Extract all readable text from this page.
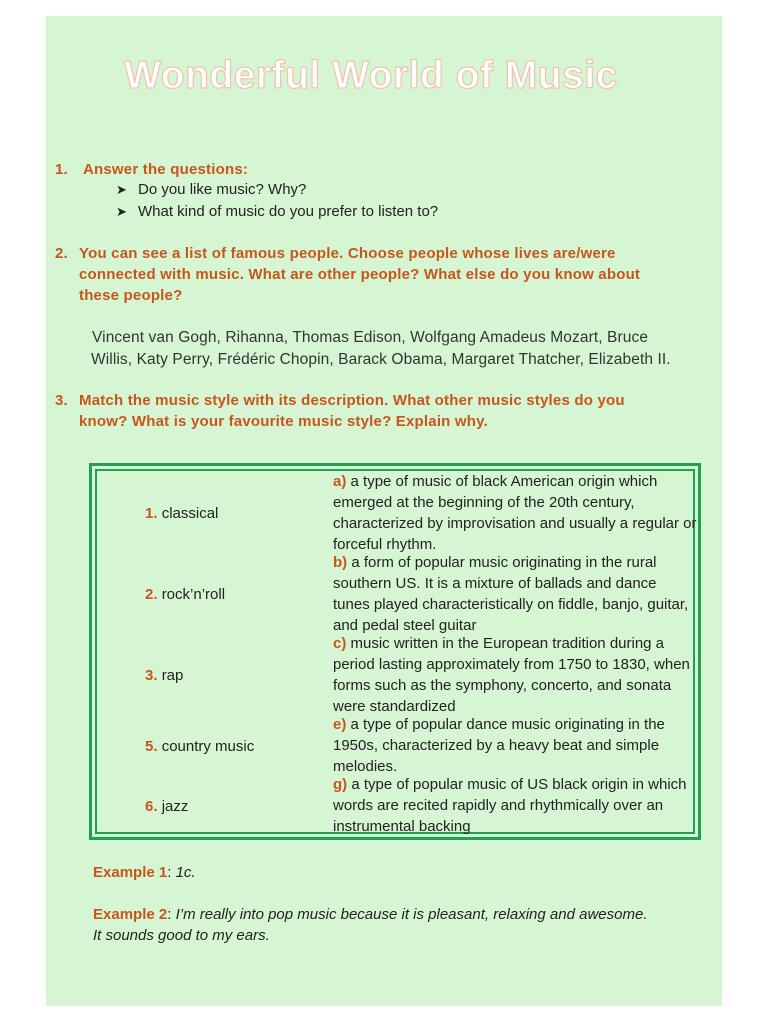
Wonderful World of Music
1. Answer the questions:
➤ Do you like music? Why?
➤ What kind of music do you prefer to listen to?
2. You can see a list of famous people. Choose people whose lives are/were
connected with music. What are other people? What else do you know about
these people?
Vincent van Gogh, Rihanna, Thomas Edison, Wolfgang Amadeus Mozart, Bruce
Willis, Katy Perry, Frédéric Chopin, Barack Obama, Margaret Thatcher, Elizabeth II.
3. Match the music style with its description. What other music styles do you
know? What is your favourite music style? Explain why.
1. classical
2. rock’n’roll
3. rap
5. country music
6. jazz
a) a type of music of black American origin which
emerged at the beginning of the 20th century,
characterized by improvisation and usually a regular or
forceful rhythm.
b) a form of popular music originating in the rural
southern US. It is a mixture of ballads and dance
tunes played characteristically on fiddle, banjo, guitar,
and pedal steel guitar
c) music written in the European tradition during a
period lasting approximately from 1750 to 1830, when
forms such as the symphony, concerto, and sonata
were standardized
e) a type of popular dance music originating in the
1950s, characterized by a heavy beat and simple
melodies.
g) a type of popular music of US black origin in which
words are recited rapidly and rhythmically over an
instrumental backing
Example 1: 1c.
Example 2: I’m really into pop music because it is pleasant, relaxing and awesome.
It sounds good to my ears.
